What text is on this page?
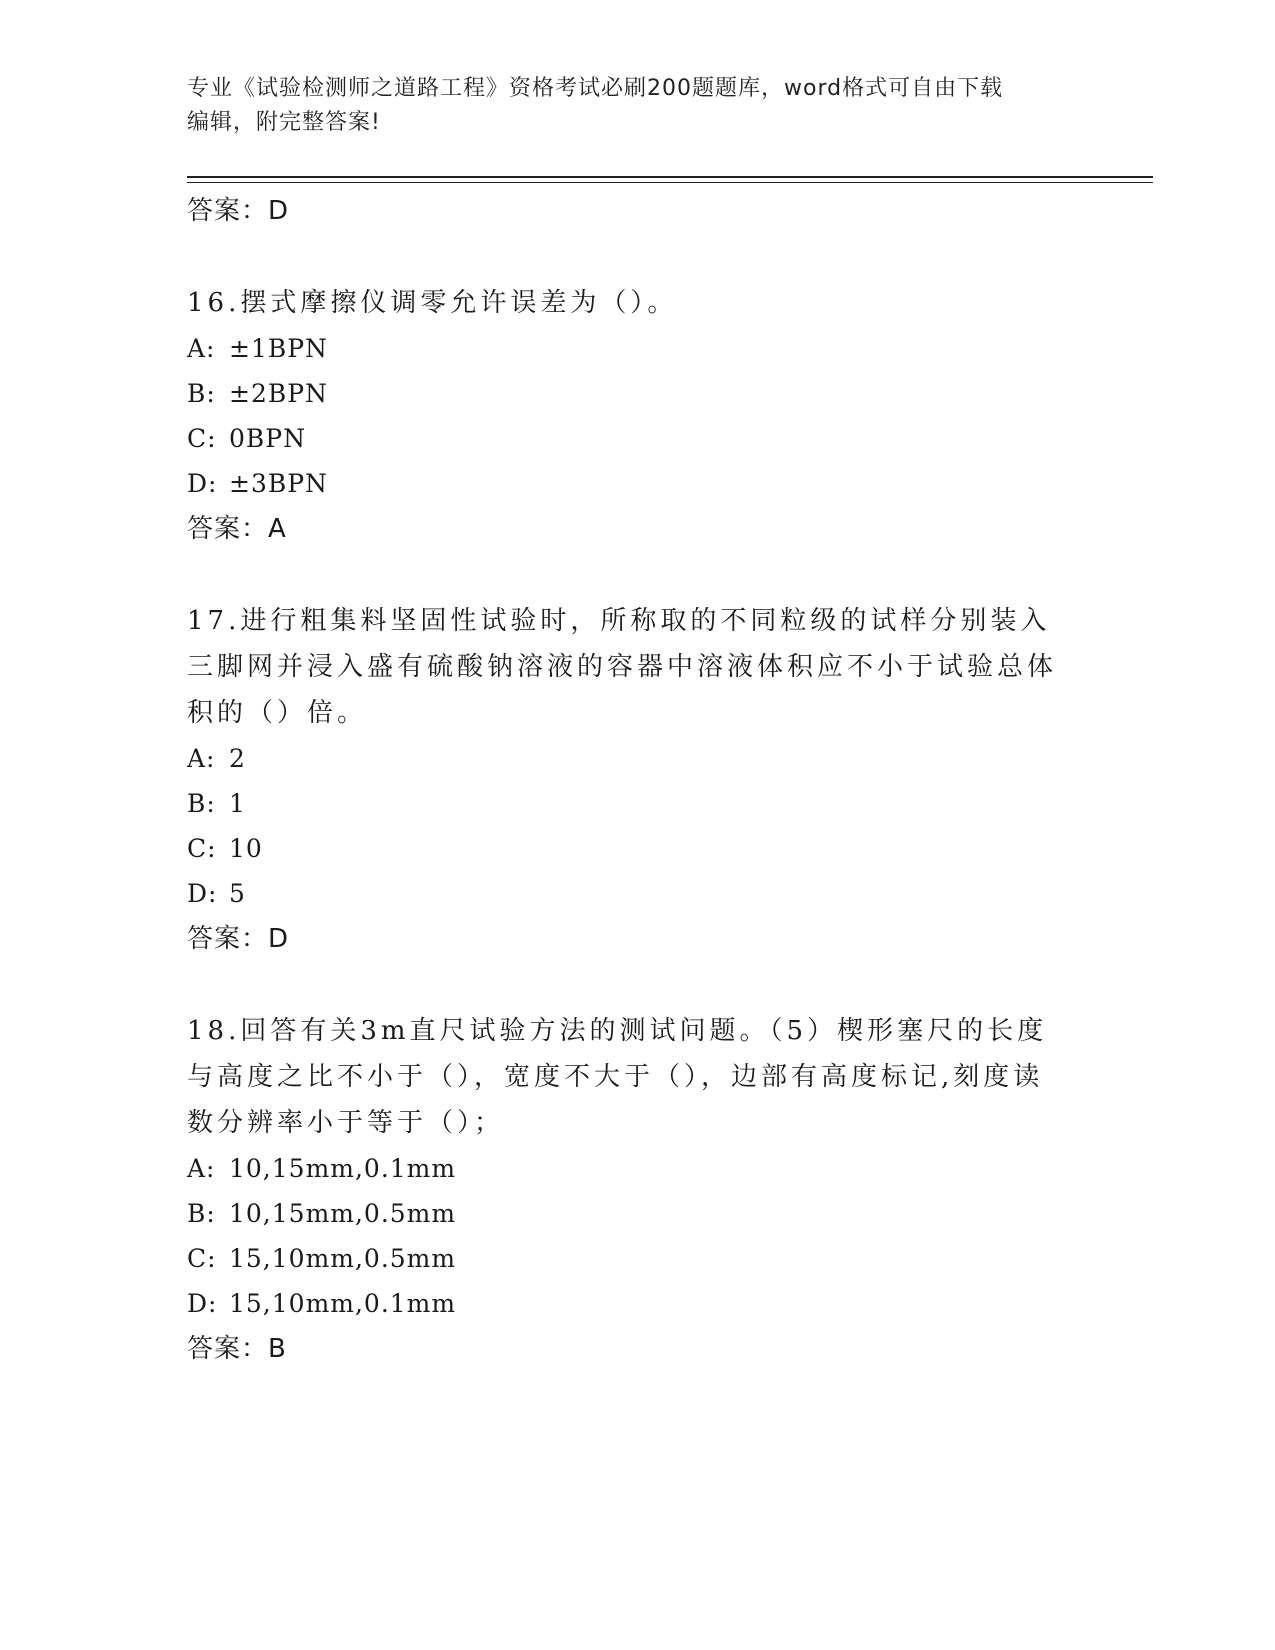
专业《试验检测师之道路工程》资格考试必刷200题题库，word格式可自由下载
编辑，附完整答案!
答案：D
16.摆式摩擦仪调零允许误差为（）。
A: ±1BPN
B: ±2BPN
C: 0BPN
D: ±3BPN
答案：A
17.进行粗集料坚固性试验时，所称取的不同粒级的试样分别装入三脚网并浸入盛有硫酸钠溶液的容器中溶液体积应不小于试验总体积的（）倍。
A: 2
B: 1
C: 10
D: 5
答案：D
18.回答有关3m直尺试验方法的测试问题。（5）楔形塞尺的长度与高度之比不小于（），宽度不大于（），边部有高度标记,刻度读数分辨率小于等于（）；
A: 10,15mm,0.1mm
B: 10,15mm,0.5mm
C: 15,10mm,0.5mm
D: 15,10mm,0.1mm
答案：B
